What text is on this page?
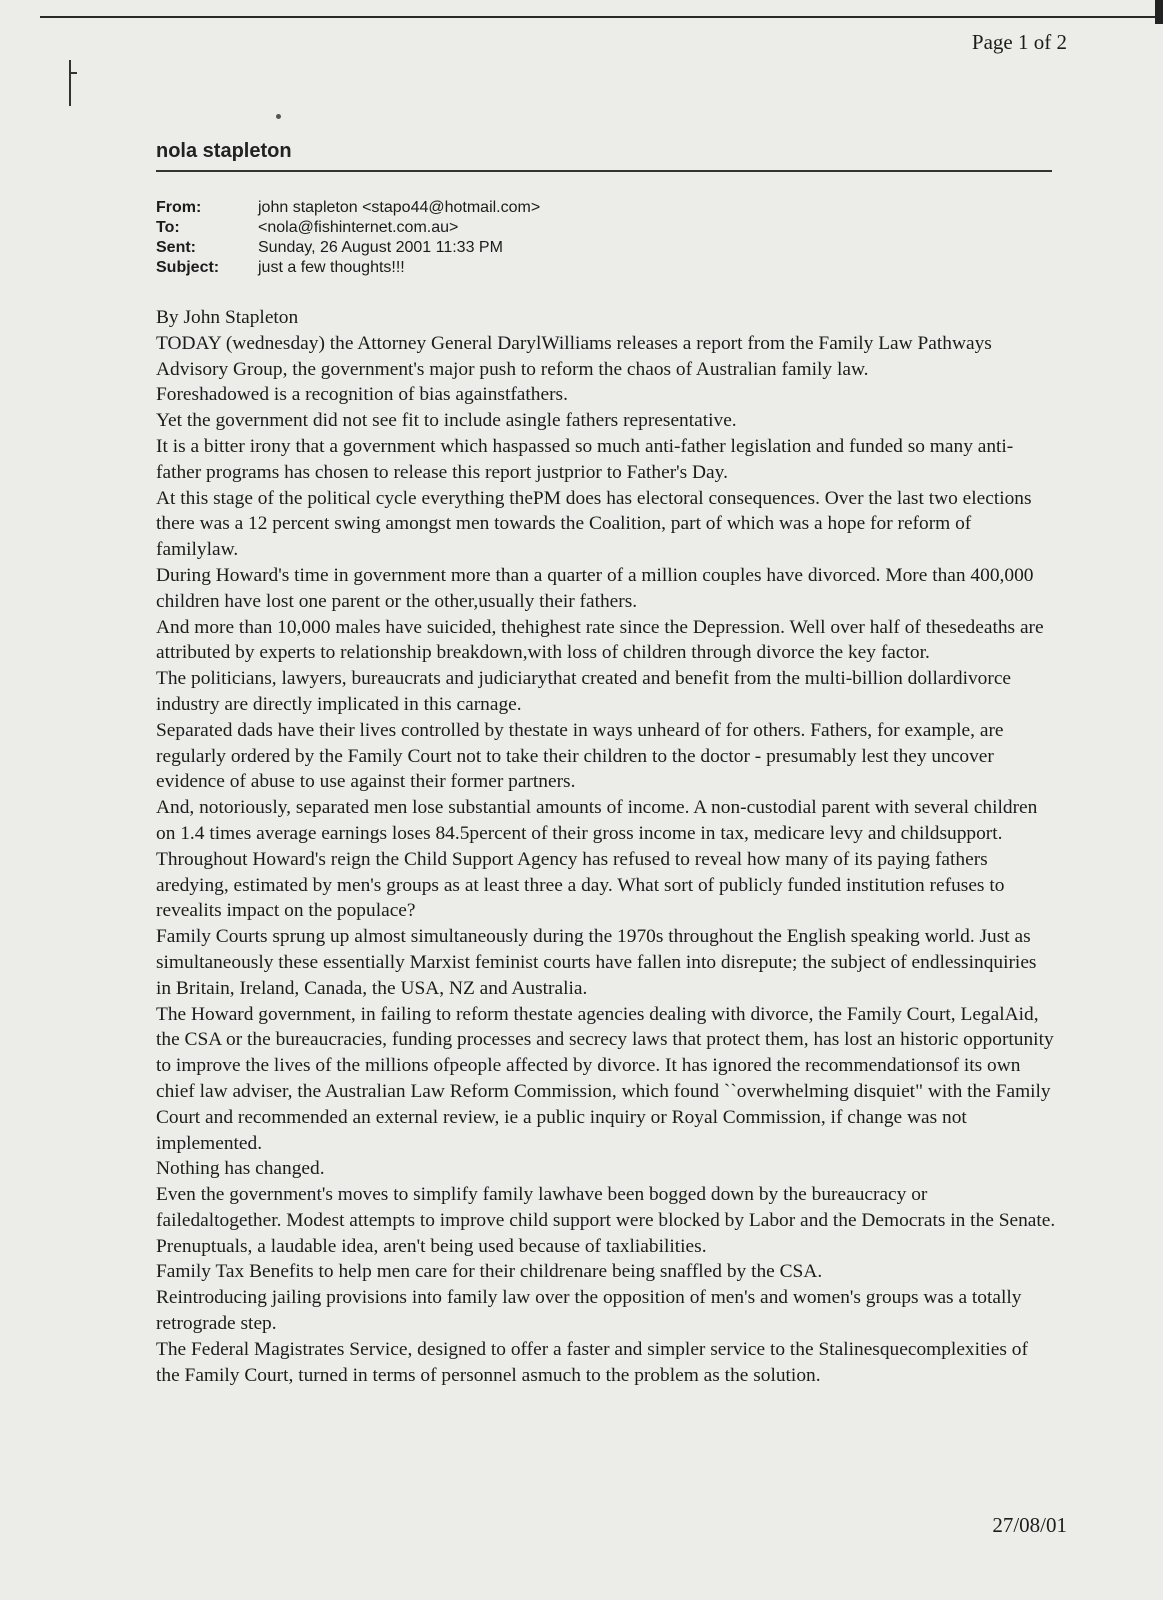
Page 1 of 2
nola stapleton
From:	john stapleton <stapo44@hotmail.com>
To:	<nola@fishinternet.com.au>
Sent:	Sunday, 26 August 2001 11:33 PM
Subject:	just a few thoughts!!!

By John Stapleton

TODAY (wednesday) the Attorney General DarylWilliams releases a report from the Family Law Pathways Advisory Group, the government's major push to reform the chaos of Australian family law.

Foreshadowed is a recognition of bias againstfathers.

Yet the government did not see fit to include asingle fathers representative.

It is a bitter irony that a government which haspassed so much anti-father legislation and funded so many anti-father programs has chosen to release this report justprior to Father's Day.

At this stage of the political cycle everything thePM does has electoral consequences. Over the last two elections there was a 12 percent swing amongst men towards the Coalition, part of which was a hope for reform of familylaw.

During Howard's time in government more than a quarter of a million couples have divorced. More than 400,000 children have lost one parent or the other,usually their fathers.

And more than 10,000 males have suicided, thehighest rate since the Depression. Well over half of thesedeaths are attributed by experts to relationship breakdown,with loss of children through divorce the key factor.

The politicians, lawyers, bureaucrats and judiciarythat created and benefit from the multi-billion dollardivorce industry are directly implicated in this carnage.

Separated dads have their lives controlled by thestate in ways unheard of for others. Fathers, for example, are regularly ordered by the Family Court not to take their children to the doctor - presumably lest they uncover evidence of abuse to use against their former partners.

And, notoriously, separated men lose substantial amounts of income. A non-custodial parent with several children on 1.4 times average earnings loses 84.5percent of their gross income in tax, medicare levy and childsupport. Throughout Howard's reign the Child Support Agency has refused to reveal how many of its paying fathers aredying, estimated by men's groups as at least three a day. What sort of publicly funded institution refuses to revealits impact on the populace?

Family Courts sprung up almost simultaneously during the 1970s throughout the English speaking world. Just as simultaneously these essentially Marxist feminist courts have fallen into disrepute; the subject of endlessinquiries in Britain, Ireland, Canada, the USA, NZ and Australia.

The Howard government, in failing to reform thestate agencies dealing with divorce, the Family Court, LegalAid, the CSA or the bureaucracies, funding processes and secrecy laws that protect them, has lost an historic opportunity to improve the lives of the millions ofpeople affected by divorce. It has ignored the recommendationsof its own chief law adviser, the Australian Law Reform Commission, which found ``overwhelming disquiet" with the Family Court and recommended an external review, ie a public inquiry or Royal Commission, if change was not implemented.

Nothing has changed.

Even the government's moves to simplify family lawhave been bogged down by the bureaucracy or failedaltogether. Modest attempts to improve child support were blocked by Labor and the Democrats in the Senate. Prenuptuals, a laudable idea, aren't being used because of taxliabilities.

Family Tax Benefits to help men care for their childrenare being snaffled by the CSA.

Reintroducing jailing provisions into family law over the opposition of men's and women's groups was a totally retrograde step.

The Federal Magistrates Service, designed to offer a faster and simpler service to the Stalinesquecomplexities of the Family Court, turned in terms of personnel asmuch to the problem as the solution.

27/08/01
